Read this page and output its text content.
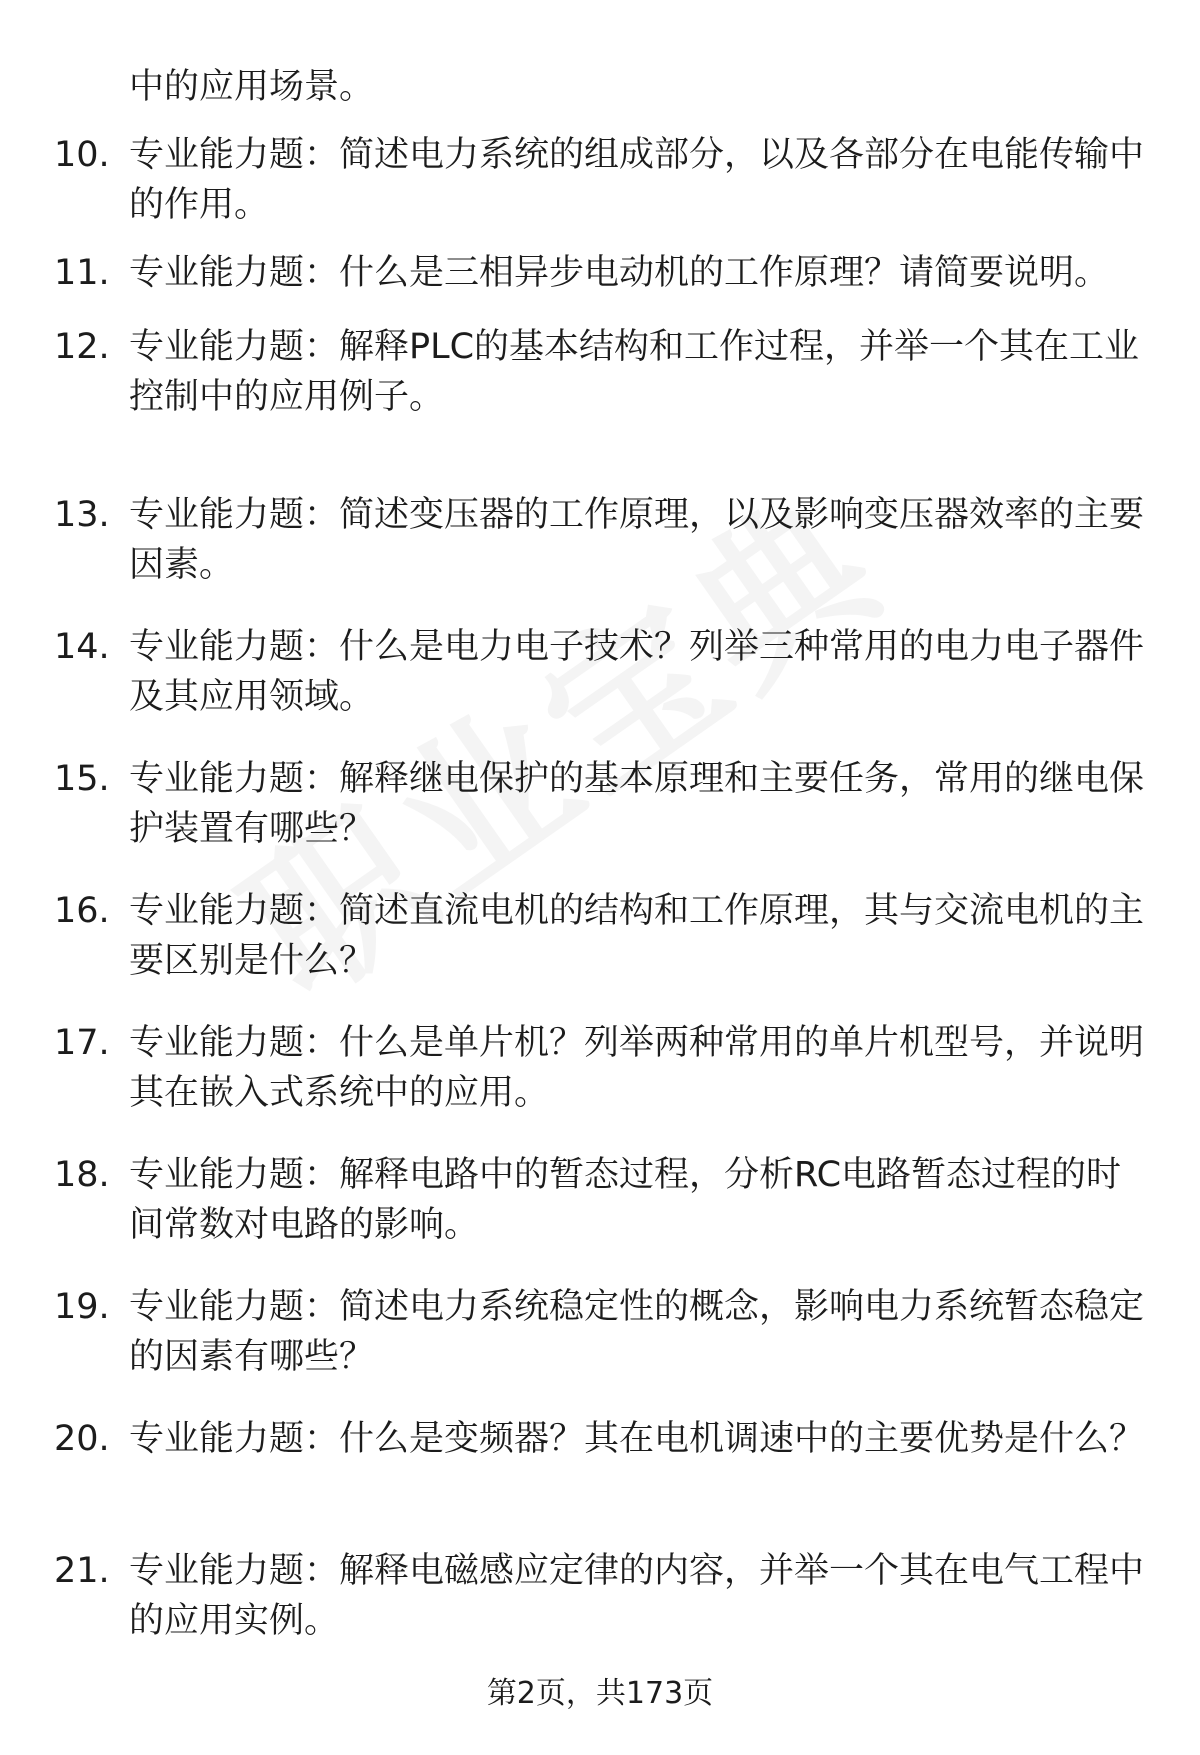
中的应用场景。
10. 专业能力题：简述电力系统的组成部分，以及各部分在电能传输中的作用。
11. 专业能力题：什么是三相异步电动机的工作原理？请简要说明。
12. 专业能力题：解释PLC的基本结构和工作过程，并举一个其在工业控制中的应用例子。
13. 专业能力题：简述变压器的工作原理，以及影响变压器效率的主要因素。
14. 专业能力题：什么是电力电子技术？列举三种常用的电力电子器件及其应用领域。
15. 专业能力题：解释继电保护的基本原理和主要任务，常用的继电保护装置有哪些？
16. 专业能力题：简述直流电机的结构和工作原理，其与交流电机的主要区别是什么？
17. 专业能力题：什么是单片机？列举两种常用的单片机型号，并说明其在嵌入式系统中的应用。
18. 专业能力题：解释电路中的暂态过程，分析RC电路暂态过程的时间常数对电路的影响。
19. 专业能力题：简述电力系统稳定性的概念，影响电力系统暂态稳定的因素有哪些？
20. 专业能力题：什么是变频器？其在电机调速中的主要优势是什么？
21. 专业能力题：解释电磁感应定律的内容，并举一个其在电气工程中的应用实例。
第2页，共173页
